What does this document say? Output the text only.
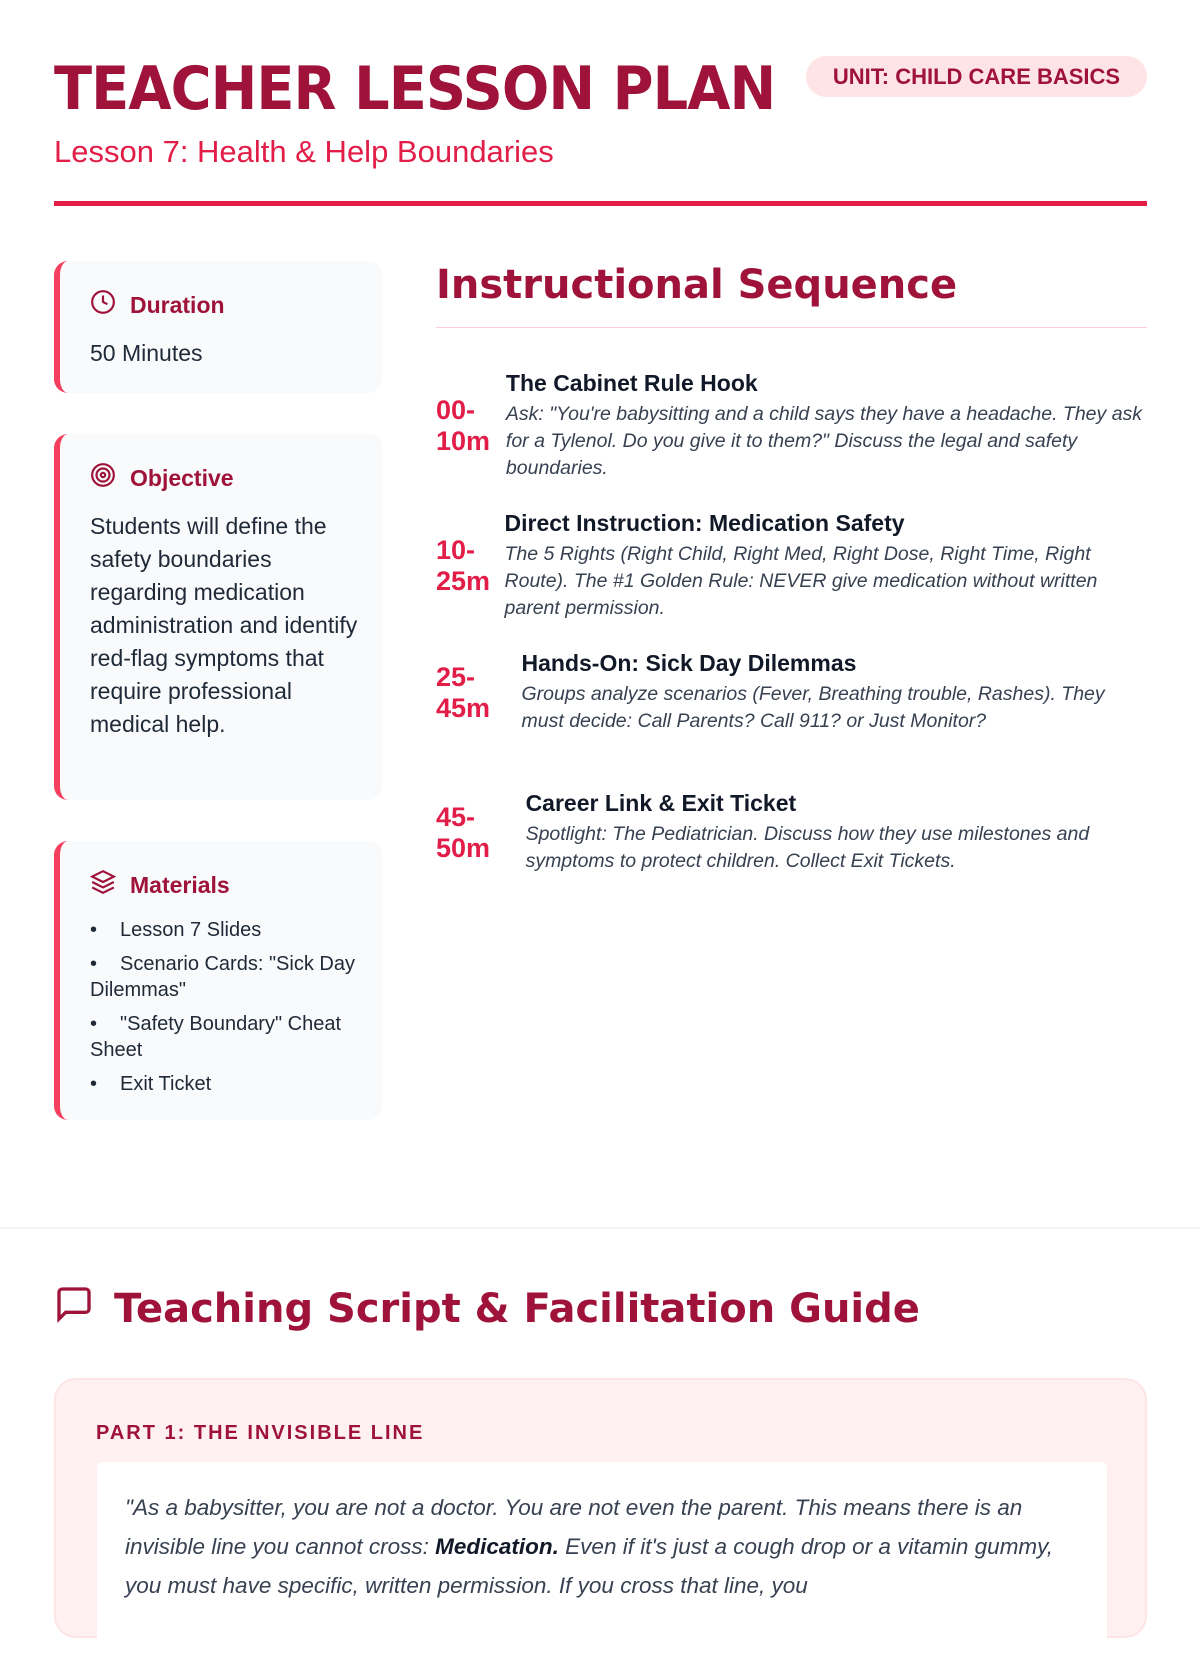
TEACHER LESSON PLAN	UNIT: CHILD CARE BASICS
Lesson 7: Health & Help Boundaries
Duration

50 Minutes

Objective

Students will define the safety boundaries regarding medication administration and identify red-flag symptoms that require professional medical help.

Materials
• Lesson 7 Slides
• Scenario Cards: "Sick Day Dilemmas"
• "Safety Boundary" Cheat Sheet
• Exit Ticket
Instructional Sequence
00-10m
The Cabinet Rule Hook

Ask: "You're babysitting and a child says they have a headache. They ask for a Tylenol. Do you give it to them?" Discuss the legal and safety boundaries.

10-25m
Direct Instruction: Medication Safety

The 5 Rights (Right Child, Right Med, Right Dose, Right Time, Right Route). The #1 Golden Rule: NEVER give medication without written parent permission.

25-45m
Hands-On: Sick Day Dilemmas

Groups analyze scenarios (Fever, Breathing trouble, Rashes). They must decide: Call Parents? Call 911? or Just Monitor?

45-50m
Career Link & Exit Ticket

Spotlight: The Pediatrician. Discuss how they use milestones and symptoms to protect children. Collect Exit Tickets.

Teaching Script & Facilitation Guide
PART 1: THE INVISIBLE LINE
"As a babysitter, you are not a doctor. You are not even the parent. This means there is an invisible line you cannot cross: Medication. Even if it's just a cough drop or a vitamin gummy, you must have specific, written permission. If you cross that line, you
